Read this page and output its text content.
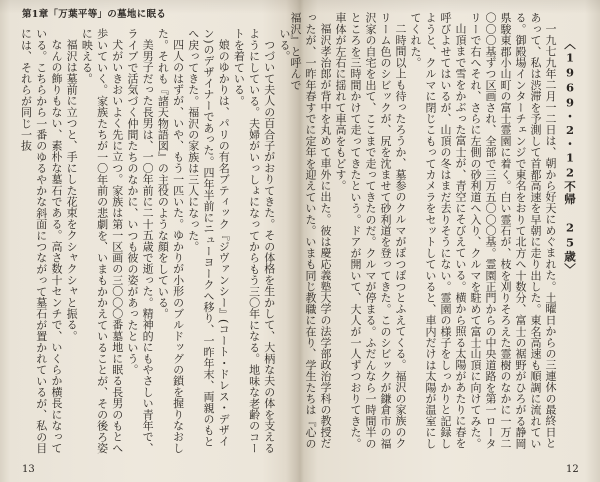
第1章「万葉平等」の墓地に眠る

いる。

つづいて夫人の百合子がおりてきた。その体格を生かして、大柄な夫の体を支えるようにしている。夫婦がいっしょになってからもう三〇年になる。地味な老齢のコートを着ている。

娘のゆかりは、パリの有名ブティック『ジヴァンシー』(コート・ドレス・デザイン)のデザイナーであった。四年半前にニューヨークへ移り、一昨年末、両親のもとへ戻ってきた。福沢の家族は三人になった。

四人のはずが、いや、もう一匹いた。ゆかりが小形のブルドッグの鎖を握りなおした。それも『諸天物語図』の主役のような顔をしている。

美男子だった長男は、一〇年前に二十五歳で逝った。精神的にもやさしい青年で、ライブで活気づく仲間たちのなかに、いつも彼の姿があったという。

犬がいきおいよく先に立つ。家族は第一区画の三〇〇〇番墓地に眠る長男のもとへ歩いていく。家族たちが一〇年前の悲劇を、いまもかかえていることが、その後ろ姿に映える。

福沢は墓前に立つと、手にした花束をクシャクシャと振る。

なんの飾りもない、素朴な墓石である。高さ数十センチで、いくらか横長になっている。こちらから一番のゆるやかな斜面につながって墓石が置かれているが、私の目には、それらが同じ一抜

13
〈1969・2・12不帰 25歳〉

一九七九年二月一二日は、朝から好天にめぐまれた。土曜日からの三連休の最終日とあって、私は渋滞を予測して首都高速を早朝に走り出した。東名高速も順調に流れている。御殿場インターチェンジで東名をおりて北方へ十数分、富士の裾野がひろがる静岡県駿東郡小山町の富士霊園に着く。白い霊石が、枝を刈りそろえた霊樹のなかに一万二〇〇〇基ずつ区画され、全部で三万五〇〇〇基。霊園正門からの中央道路を第一ロータリーで右へそれ、さらに左側の砂利道へ入り、クルマを駐めて富士山頂に向けてみた。

山頂まで雪をかぶった富士が、青空にそびえている。横から照る太陽があたりに春を呼びよせてはいるが、山頂の冬はまだ去りそうにない。霊園の様子をしっかりと記録しようと、クルマに閉じこもってカメラをセットしていると、車内だけは太陽が温室にしてくれた。

二時間以上も待ったろうか、墓参のクルマがぽつぽつとふえてくる。福沢の家族のクリーム色のシビックが、尻を沈ませて砂利道を登ってきた。このシビックが鎌倉市の福沢家の自宅を出て、ここまで走ってきたのだ。クルマが停まる。ふだんなら一時間半のところを三時間かけて走ってきたという。ドアが開いて、大人が一人ずつおりてきた。車体が左右に揺れて車高をもどす。

福沢孝治郎が背中を丸めて車外に出た。彼は慶応義塾大学の法学部政治学科の教授だったが、一昨年春すでに定年を迎えていた。いまも同じ教職に在り、学生たちは『心の福沢』と呼んで

12
